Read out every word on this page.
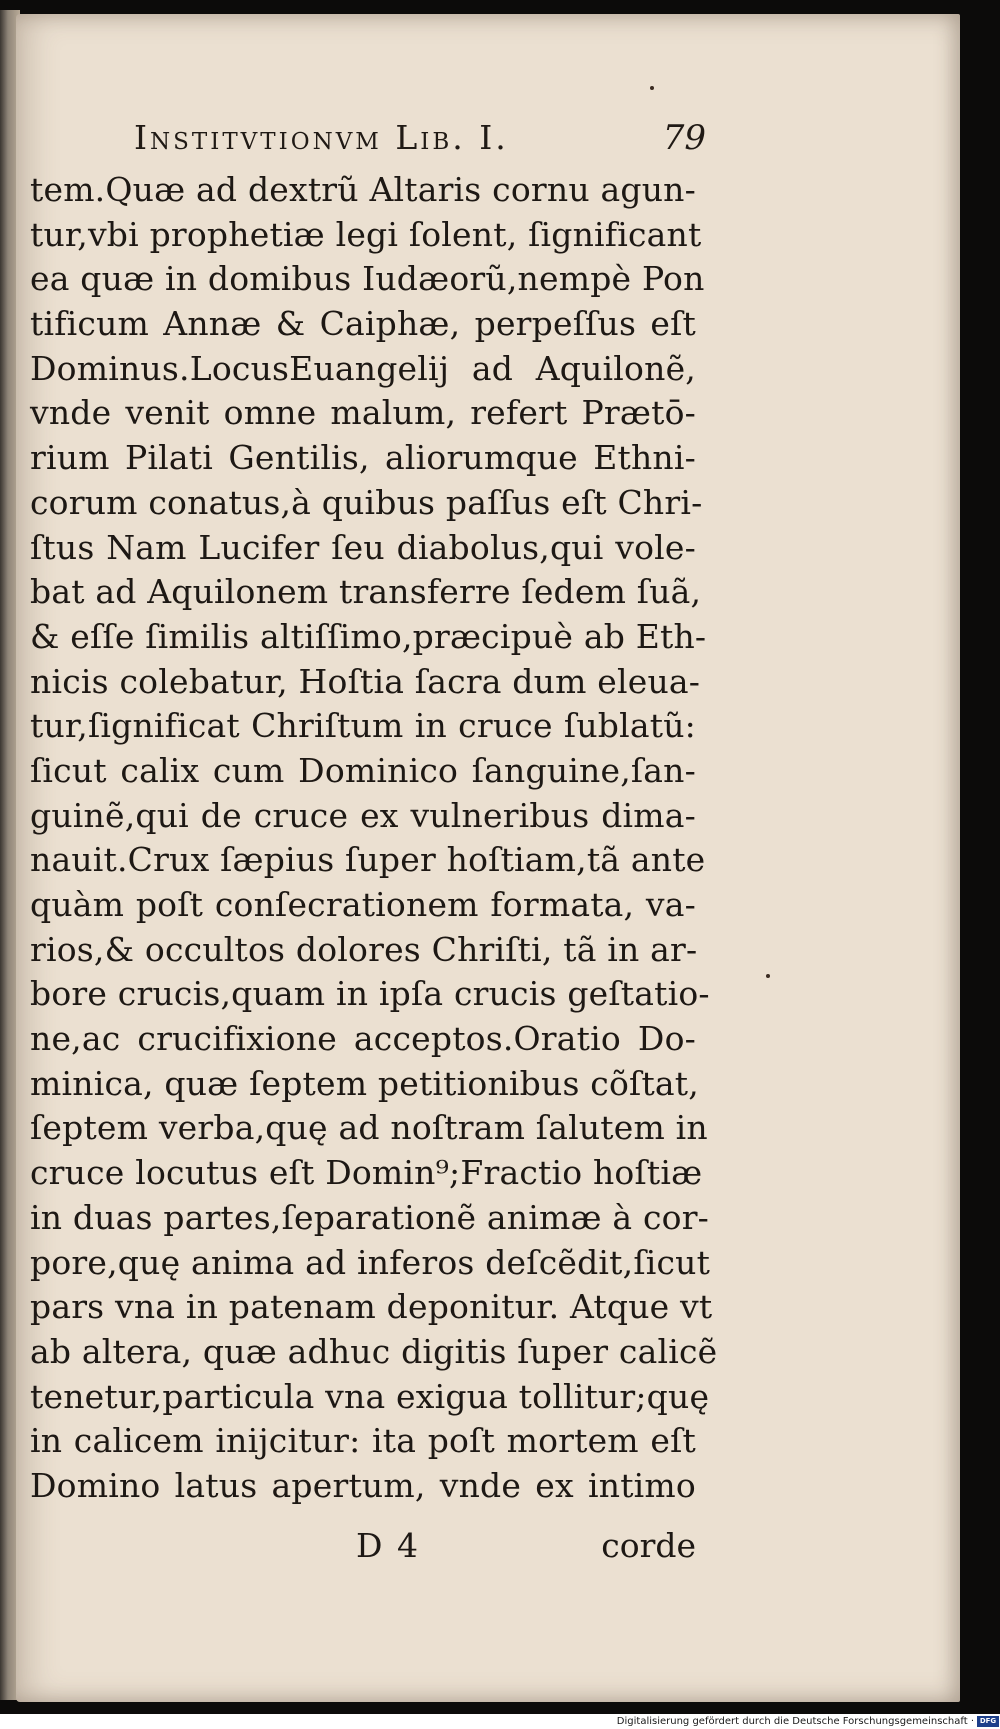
Institvtionvm Lib. I.	79
tem.Quæ ad dextrũ Altaris cornu agun-
tur,vbi prophetiæ legi ſolent, ſignificant
ea quæ in domibus Iudæorũ,nempè Pon
tificum Annæ & Caiphæ, perpeſſus eſt
Dominus.LocusEuangelij ad Aquilonẽ,
vnde venit omne malum, refert Prætō-
rium Pilati Gentilis, aliorumque Ethni-
corum conatus,à quibus paſſus eſt Chri-
ſtus Nam Lucifer ſeu diabolus,qui vole-
bat ad Aquilonem transferre ſedem ſuã,
& eſſe ſimilis altiſſimo,præcipuè ab Eth-
nicis colebatur, Hoſtia ſacra dum eleua-
tur,ſignificat Chriſtum in cruce ſublatũ:
ſicut calix cum Dominico ſanguine,ſan-
guinẽ,qui de cruce ex vulneribus dima-
nauit.Crux ſæpius ſuper hoſtiam,tã ante
quàm poſt conſecrationem formata, va-
rios,& occultos dolores Chriſti, tã in ar-
bore crucis,quam in ipſa crucis geſtatio-
ne,ac crucifixione acceptos.Oratio Do-
minica, quæ ſeptem petitionibus cõſtat,
ſeptem verba,quę ad noſtram ſalutem in
cruce locutus eſt Domin⁹;Fractio hoſtiæ
in duas partes,ſeparationẽ animæ à cor-
pore,quę anima ad inferos deſcẽdit,ſicut
pars vna in patenam deponitur. Atque vt
ab altera, quæ adhuc digitis ſuper calicẽ
tenetur,particula vna exigua tollitur;quę
in calicem inijcitur: ita poſt mortem eſt
Domino latus apertum, vnde ex intimo
D 4	corde
Digitalisierung gefördert durch die Deutsche Forschungsgemeinschaft · DFG
